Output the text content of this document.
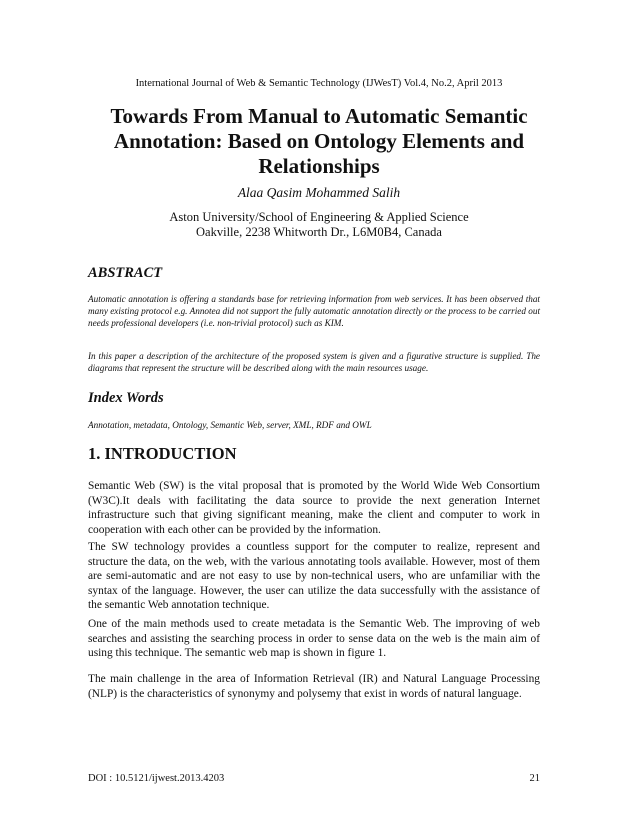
International Journal of Web & Semantic Technology (IJWesT) Vol.4, No.2, April 2013
Towards From Manual to Automatic Semantic
Annotation: Based on Ontology Elements and
Relationships
Alaa Qasim Mohammed Salih
Aston University/School of Engineering & Applied Science
Oakville, 2238 Whitworth Dr., L6M0B4, Canada
ABSTRACT
Automatic annotation is offering a standards base for retrieving information from web services. It has been observed that many existing protocol e.g. Annotea did not support the fully automatic annotation directly or the process to be carried out needs professional developers (i.e. non-trivial protocol) such as KIM.
In this paper a description of the architecture of the proposed system is given and a figurative structure is supplied. The diagrams that represent the structure will be described along with the main resources usage.
Index Words
Annotation, metadata, Ontology, Semantic Web, server, XML, RDF and OWL
1. INTRODUCTION
Semantic Web (SW) is the vital proposal that is promoted by the World Wide Web Consortium (W3C).It deals with facilitating the data source to provide the next generation Internet infrastructure such that giving significant meaning, make the client and computer to work in cooperation with each other can be provided by the information.
The SW technology provides a countless support for the computer to realize, represent and structure the data, on the web, with the various annotating tools available. However, most of them are semi-automatic and are not easy to use by non-technical users, who are unfamiliar with the syntax of the language. However, the user can utilize the data successfully with the assistance of the semantic Web annotation technique.
One of the main methods used to create metadata is the Semantic Web. The improving of web searches and assisting the searching process in order to sense data on the web is the main aim of using this technique. The semantic web map is shown in figure 1.
The main challenge in the area of Information Retrieval (IR) and Natural Language Processing (NLP) is the characteristics of synonymy and polysemy that exist in words of natural language.
DOI : 10.5121/ijwest.2013.4203	21
